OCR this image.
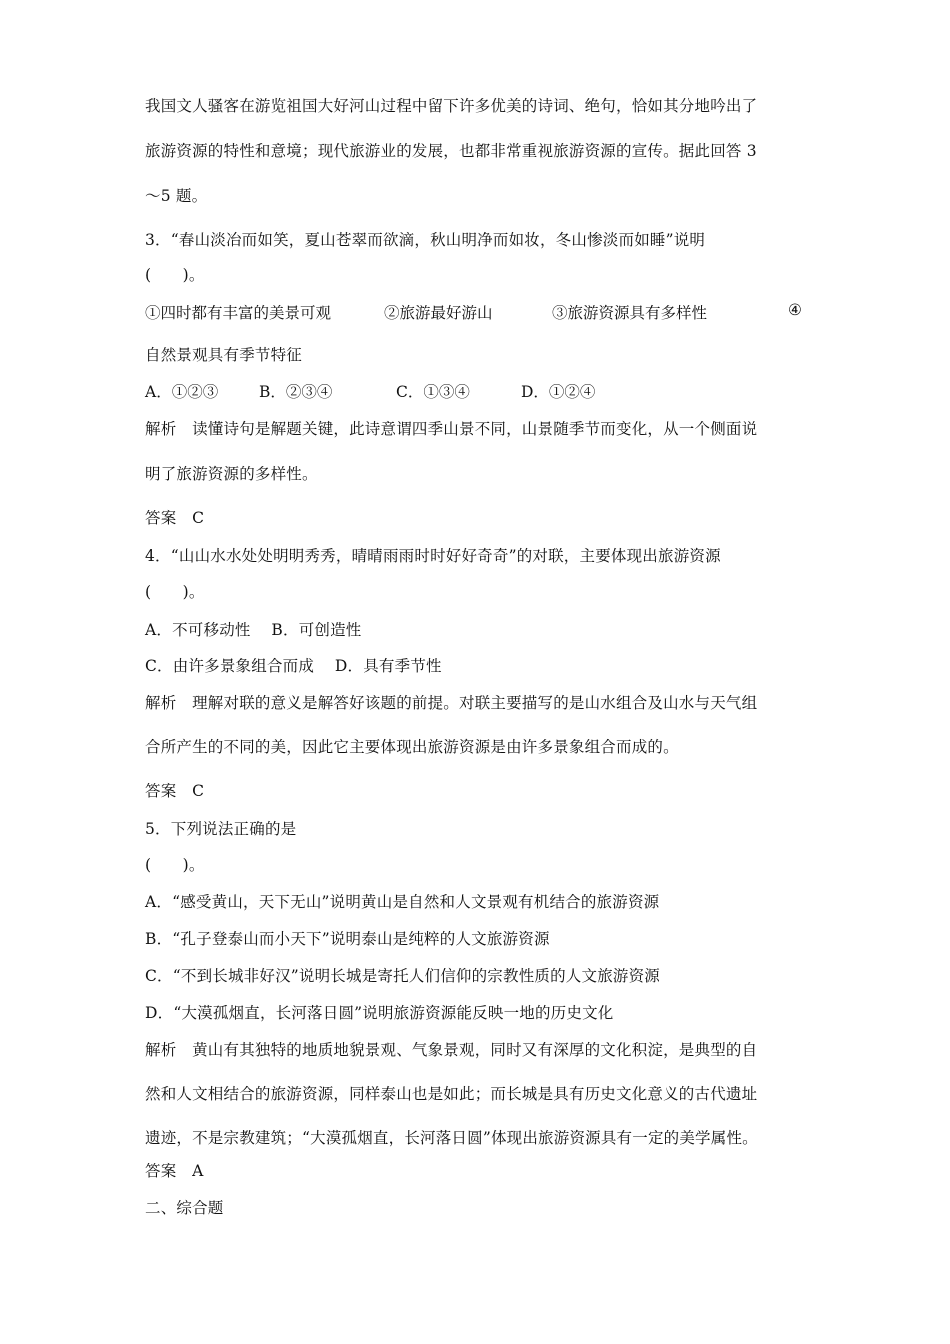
我国文人骚客在游览祖国大好河山过程中留下许多优美的诗词、绝句，恰如其分地吟出了
旅游资源的特性和意境；现代旅游业的发展，也都非常重视旅游资源的宣传。据此回答 3
～5 题。
3．“春山淡冶而如笑，夏山苍翠而欲滴，秋山明净而如妆，冬山惨淡而如睡”说明
(　　)。
①四时都有丰富的美景可观	②旅游最好游山	③旅游资源具有多样性	④
自然景观具有季节特征
A．①②③	B．②③④	C．①③④	D．①②④
解析　读懂诗句是解题关键，此诗意谓四季山景不同，山景随季节而变化，从一个侧面说
明了旅游资源的多样性。
答案　C
4．“山山水水处处明明秀秀，晴晴雨雨时时好好奇奇”的对联，主要体现出旅游资源
(　　)。
A．不可移动性　 B．可创造性
C．由许多景象组合而成　 D．具有季节性
解析　理解对联的意义是解答好该题的前提。对联主要描写的是山水组合及山水与天气组
合所产生的不同的美，因此它主要体现出旅游资源是由许多景象组合而成的。
答案　C
5．下列说法正确的是
(　　)。
A．“感受黄山，天下无山”说明黄山是自然和人文景观有机结合的旅游资源
B．“孔子登泰山而小天下”说明泰山是纯粹的人文旅游资源
C．“不到长城非好汉”说明长城是寄托人们信仰的宗教性质的人文旅游资源
D．“大漠孤烟直，长河落日圆”说明旅游资源能反映一地的历史文化
解析　黄山有其独特的地质地貌景观、气象景观，同时又有深厚的文化积淀，是典型的自
然和人文相结合的旅游资源，同样泰山也是如此；而长城是具有历史文化意义的古代遗址
遗迹，不是宗教建筑；“大漠孤烟直，长河落日圆”体现出旅游资源具有一定的美学属性。
答案　A
二、综合题
